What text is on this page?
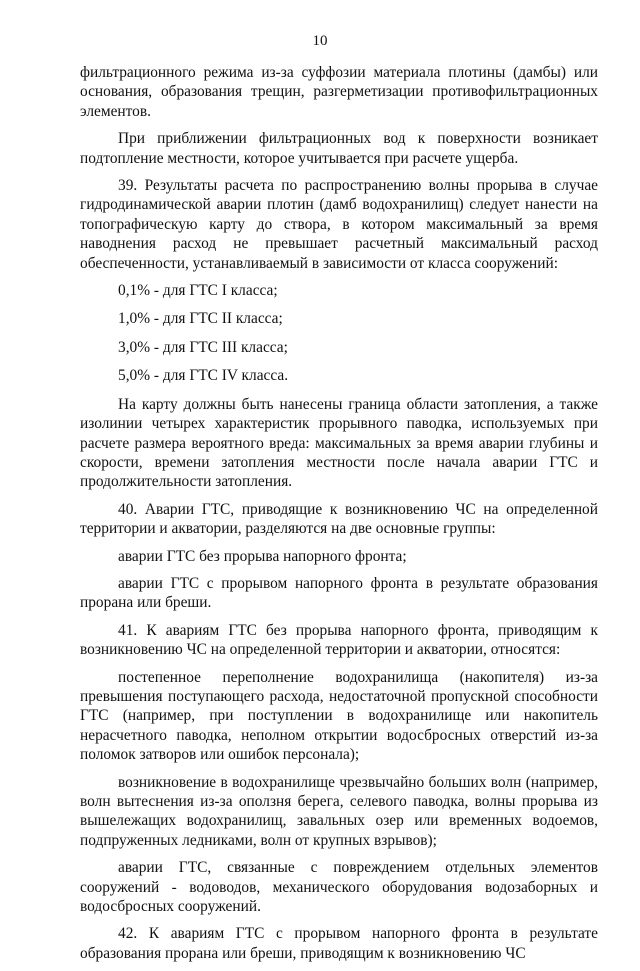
10

фильтрационного режима из-за суффозии материала плотины (дамбы) или основания, образования трещин, разгерметизации противофильтрационных элементов.

При приближении фильтрационных вод к поверхности возникает подтопление местности, которое учитывается при расчете ущерба.

39. Результаты расчета по распространению волны прорыва в случае гидродинамической аварии плотин (дамб водохранилищ) следует нанести на топографическую карту до створа, в котором максимальный за время наводнения расход не превышает расчетный максимальный расход обеспеченности, устанавливаемый в зависимости от класса сооружений:

0,1% - для ГТС I класса;

1,0% - для ГТС II класса;

3,0% - для ГТС III класса;

5,0% - для ГТС IV класса.

На карту должны быть нанесены граница области затопления, а также изолинии четырех характеристик прорывного паводка, используемых при расчете размера вероятного вреда: максимальных за время аварии глубины и скорости, времени затопления местности после начала аварии ГТС и продолжительности затопления.

40. Аварии ГТС, приводящие к возникновению ЧС на определенной территории и акватории, разделяются на две основные группы:

аварии ГТС без прорыва напорного фронта;

аварии ГТС с прорывом напорного фронта в результате образования прорана или бреши.

41. К авариям ГТС без прорыва напорного фронта, приводящим к возникновению ЧС на определенной территории и акватории, относятся:

постепенное переполнение водохранилища (накопителя) из-за превышения поступающего расхода, недостаточной пропускной способности ГТС (например, при поступлении в водохранилище или накопитель нерасчетного паводка, неполном открытии водосбросных отверстий из-за поломок затворов или ошибок персонала);

возникновение в водохранилище чрезвычайно больших волн (например, волн вытеснения из-за оползня берега, селевого паводка, волны прорыва из вышележащих водохранилищ, завальных озер или временных водоемов, подпруженных ледниками, волн от крупных взрывов);

аварии ГТС, связанные с повреждением отдельных элементов сооружений - водоводов, механического оборудования водозаборных и водосбросных сооружений.

42. К авариям ГТС с прорывом напорного фронта в результате образования прорана или бреши, приводящим к возникновению ЧС
